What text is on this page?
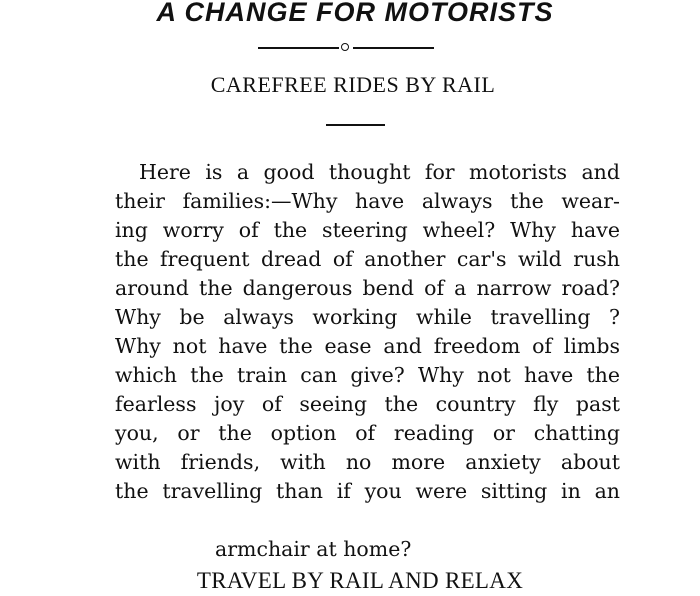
A CHANGE FOR MOTORISTS
CAREFREE RIDES BY RAIL
Here is a good thought for motorists and
their families:—Why have always the wear-
ing worry of the steering wheel? Why have
the frequent dread of another car's wild rush
around the dangerous bend of a narrow road?
Why be always working while travelling ?
Why not have the ease and freedom of limbs
which the train can give? Why not have the
fearless joy of seeing the country fly past
you, or the option of reading or chatting
with friends, with no more anxiety about
the travelling than if you were sitting in an

armchair at home?

TRAVEL BY RAIL AND RELAX
